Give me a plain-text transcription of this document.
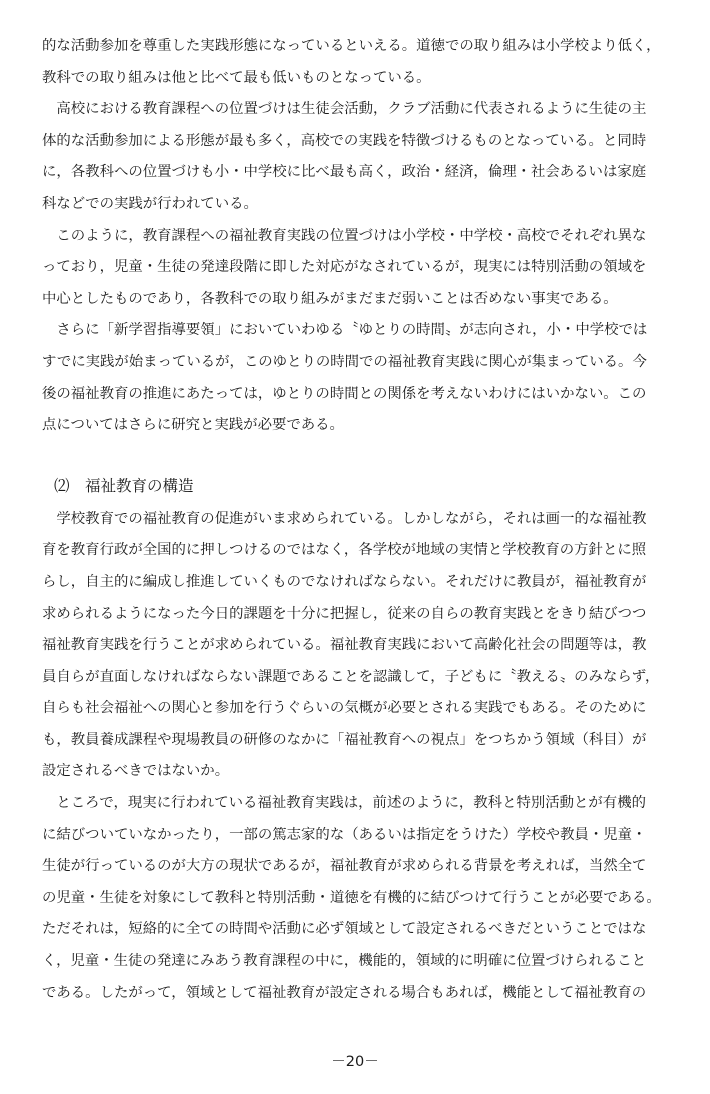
的な活動参加を尊重した実践形態になっているといえる。道徳での取り組みは小学校より低く，
教科での取り組みは他と比べて最も低いものとなっている。
　高校における教育課程への位置づけは生徒会活動，クラブ活動に代表されるように生徒の主
体的な活動参加による形態が最も多く，高校での実践を特徴づけるものとなっている。と同時
に，各教科への位置づけも小・中学校に比べ最も高く，政治・経済，倫理・社会あるいは家庭
科などでの実践が行われている。
　このように，教育課程への福祉教育実践の位置づけは小学校・中学校・高校でそれぞれ異な
っており，児童・生徒の発達段階に即した対応がなされているが，現実には特別活動の領域を
中心としたものであり，各教科での取り組みがまだまだ弱いことは否めない事実である。
　さらに「新学習指導要領」においていわゆる〝ゆとりの時間〟が志向され，小・中学校では
すでに実践が始まっているが，このゆとりの時間での福祉教育実践に関心が集まっている。今
後の福祉教育の推進にあたっては，ゆとりの時間との関係を考えないわけにはいかない。この
点についてはさらに研究と実践が必要である。
⑵　福祉教育の構造
　学校教育での福祉教育の促進がいま求められている。しかしながら，それは画一的な福祉教
育を教育行政が全国的に押しつけるのではなく，各学校が地域の実情と学校教育の方針とに照
らし，自主的に編成し推進していくものでなければならない。それだけに教員が，福祉教育が
求められるようになった今日的課題を十分に把握し，従来の自らの教育実践とをきり結びつつ
福祉教育実践を行うことが求められている。福祉教育実践において高齢化社会の問題等は，教
員自らが直面しなければならない課題であることを認識して，子どもに〝教える〟のみならず，
自らも社会福祉への関心と参加を行うぐらいの気概が必要とされる実践でもある。そのために
も，教員養成課程や現場教員の研修のなかに「福祉教育への視点」をつちかう領域（科目）が
設定されるべきではないか。
　ところで，現実に行われている福祉教育実践は，前述のように，教科と特別活動とが有機的
に結びついていなかったり，一部の篤志家的な（あるいは指定をうけた）学校や教員・児童・
生徒が行っているのが大方の現状であるが，福祉教育が求められる背景を考えれば，当然全て
の児童・生徒を対象にして教科と特別活動・道徳を有機的に結びつけて行うことが必要である。
ただそれは，短絡的に全ての時間や活動に必ず領域として設定されるべきだということではな
く，児童・生徒の発達にみあう教育課程の中に，機能的，領域的に明確に位置づけられること
である。したがって，領域として福祉教育が設定される場合もあれば，機能として福祉教育の
－20－
